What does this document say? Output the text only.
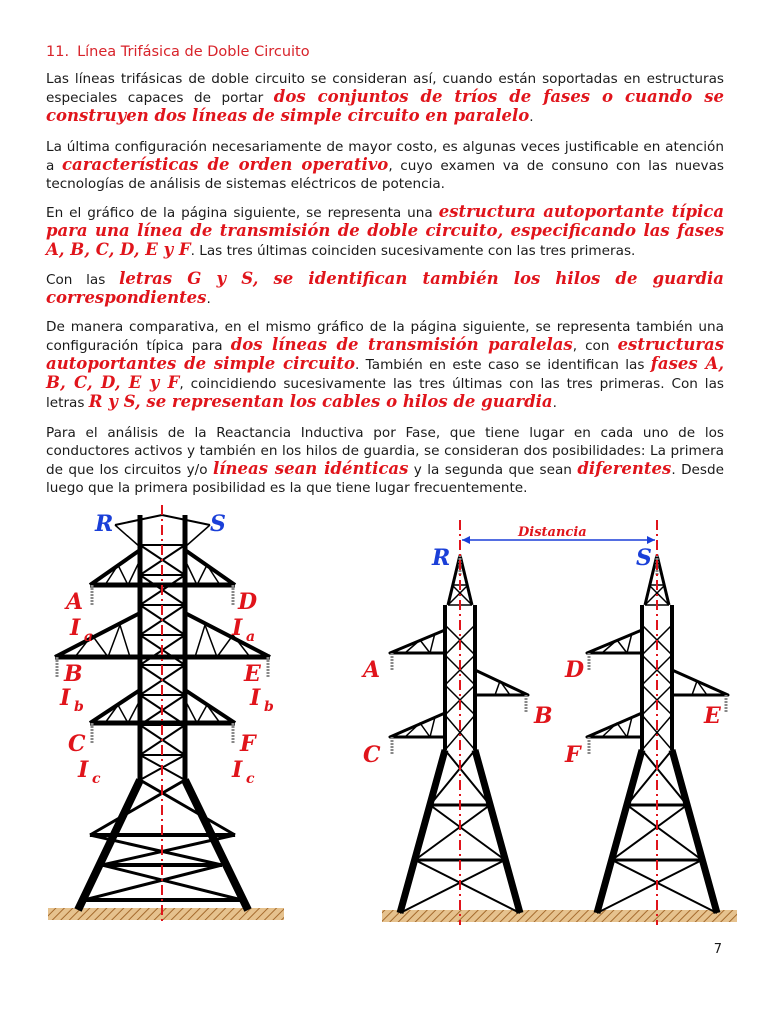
11. Línea Trifásica de Doble Circuito
Las líneas trifásicas de doble circuito se consideran así, cuando están soportadas en estructuras especiales capaces de portar dos conjuntos de tríos de fases o cuando se construyen dos líneas de simple circuito en paralelo.
La última configuración necesariamente de mayor costo, es algunas veces justificable en atención a características de orden operativo, cuyo examen va de consuno con las nuevas tecnologías de análisis de sistemas eléctricos de potencia.
En el gráfico de la página siguiente, se representa una estructura autoportante típica para una línea de transmisión de doble circuito, especificando las fases A, B, C, D, E y F. Las tres últimas coinciden sucesivamente con las tres primeras.
Con las letras G y S, se identifican también los hilos de guardia correspondientes.
De manera comparativa, en el mismo gráfico de la página siguiente, se representa también una configuración típica para dos líneas de transmisión paralelas, con estructuras autoportantes de simple circuito. También en este caso se identifican las fases A, B, C, D, E y F, coincidiendo sucesivamente las tres últimas con las tres primeras. Con las letras R y S, se representan los cables o hilos de guardia.
Para el análisis de la Reactancia Inductiva por Fase, que tiene lugar en cada uno de los conductores activos y también en los hilos de guardia, se consideran dos posibilidades: La primera de que los circuitos y/o líneas sean idénticas y la segunda que sean diferentes. Desde luego que la primera posibilidad es la que tiene lugar frecuentemente.
R	S
A	D
I a	I a
B	E
I b	I b
C	F
I c	I c
Distancia
R	S
A
B
C
D
E
F
7
